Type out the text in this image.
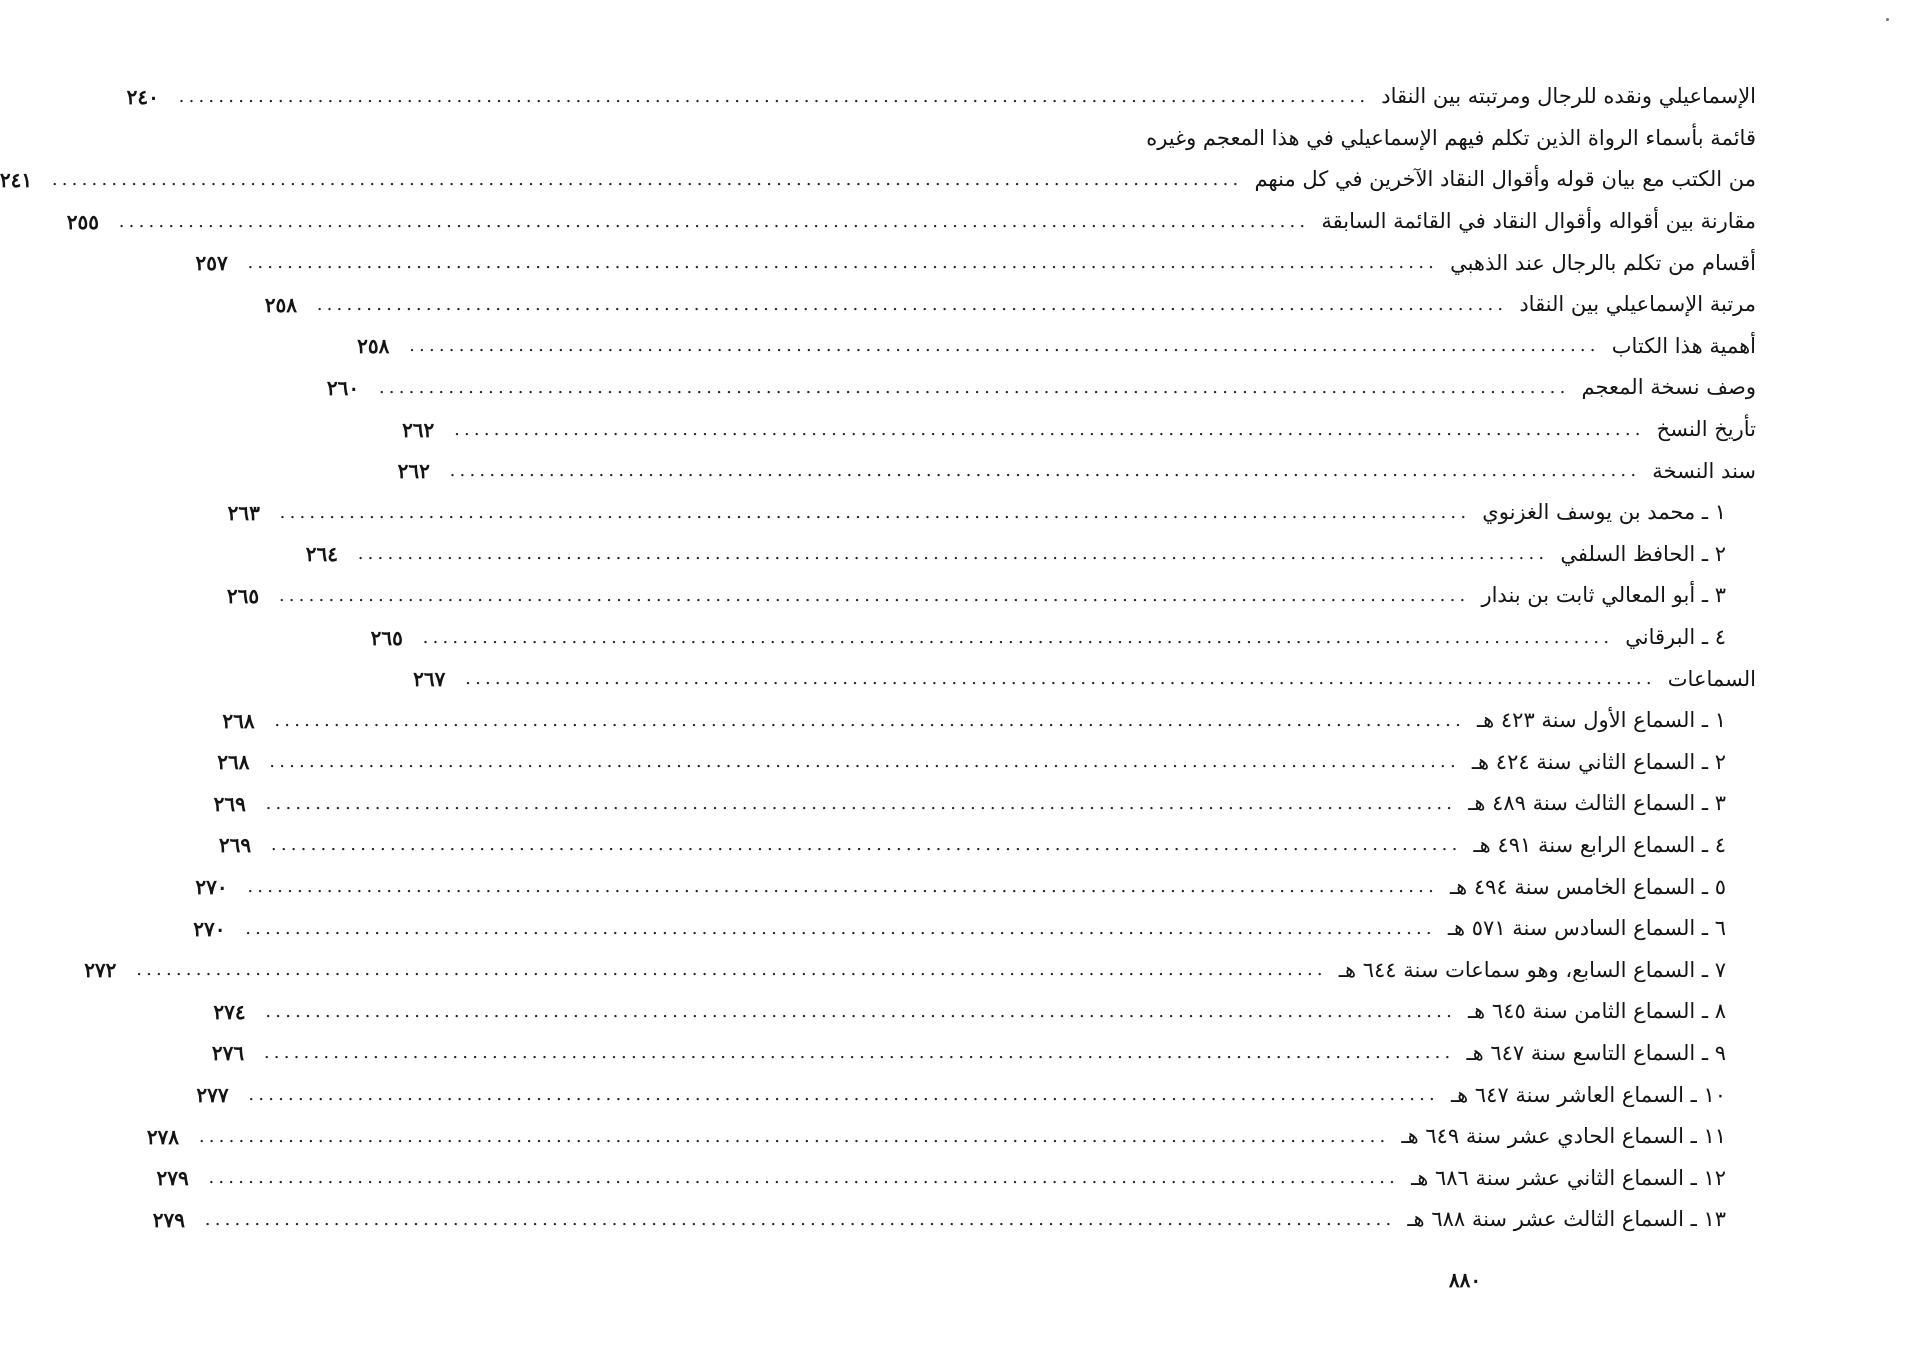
الإسماعيلي ونقده للرجال ومرتبته بين النقاد
........................................................................................................................
٢٤٠
قائمة بأسماء الرواة الذين تكلم فيهم الإسماعيلي في هذا المعجم وغيره
من الكتب مع بيان قوله وأقوال النقاد الآخرين في كل منهم
........................................................................................................................
٢٤١
مقارنة بين أقواله وأقوال النقاد في القائمة السابقة
........................................................................................................................
٢٥٥
أقسام من تكلم بالرجال عند الذهبي
........................................................................................................................
٢٥٧
مرتبة الإسماعيلي بين النقاد
........................................................................................................................
٢٥٨
أهمية هذا الكتاب
........................................................................................................................
٢٥٨
وصف نسخة المعجم
........................................................................................................................
٢٦٠
تأريخ النسخ
........................................................................................................................
٢٦٢
سند النسخة
........................................................................................................................
٢٦٢
١ ـ محمد بن يوسف الغزنوي
........................................................................................................................
٢٦٣
٢ ـ الحافظ السلفي
........................................................................................................................
٢٦٤
٣ ـ أبو المعالي ثابت بن بندار
........................................................................................................................
٢٦٥
٤ ـ البرقاني
........................................................................................................................
٢٦٥
السماعات
........................................................................................................................
٢٦٧
١ ـ السماع الأول سنة ٤٢٣ هـ
........................................................................................................................
٢٦٨
٢ ـ السماع الثاني سنة ٤٢٤ هـ
........................................................................................................................
٢٦٨
٣ ـ السماع الثالث سنة ٤٨٩ هـ
........................................................................................................................
٢٦٩
٤ ـ السماع الرابع سنة ٤٩١ هـ
........................................................................................................................
٢٦٩
٥ ـ السماع الخامس سنة ٤٩٤ هـ
........................................................................................................................
٢٧٠
٦ ـ السماع السادس سنة ٥٧١ هـ
........................................................................................................................
٢٧٠
٧ ـ السماع السابع، وهو سماعات سنة ٦٤٤ هـ
........................................................................................................................
٢٧٢
٨ ـ السماع الثامن سنة ٦٤٥ هـ
........................................................................................................................
٢٧٤
٩ ـ السماع التاسع سنة ٦٤٧ هـ
........................................................................................................................
٢٧٦
١٠ ـ السماع العاشر سنة ٦٤٧ هـ
........................................................................................................................
٢٧٧
١١ ـ السماع الحادي عشر سنة ٦٤٩ هـ
........................................................................................................................
٢٧٨
١٢ ـ السماع الثاني عشر سنة ٦٨٦ هـ
........................................................................................................................
٢٧٩
١٣ ـ السماع الثالث عشر سنة ٦٨٨ هـ
........................................................................................................................
٢٧٩
٨٨٠
